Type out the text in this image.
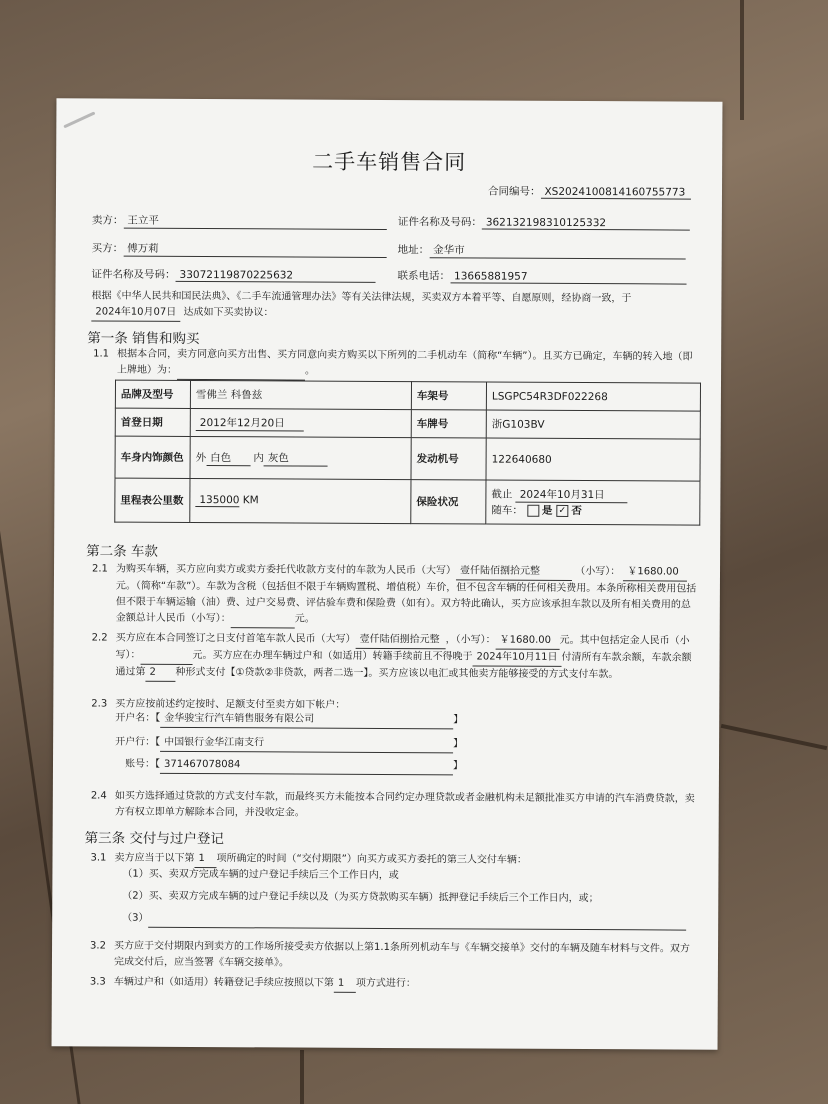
二手车销售合同
合同编号： XS2024100814160755773
卖方： 王立平	证件名称及号码： 362132198310125332
买方： 傅万莉	地址： 金华市
证件名称及号码： 33072119870225632	联系电话： 13665881957
根据《中华人民共和国民法典》、《二手车流通管理办法》等有关法律法规，买卖双方本着平等、自愿原则，经协商一致，于2024年10月07日 达成如下买卖协议：
第一条 销售和购买
1.1 根据本合同，卖方同意向买方出售、买方同意向卖方购买以下所列的二手机动车（简称“车辆”）。且买方已确定，车辆的转入地（即上牌地）为：	。
品牌及型号	雪佛兰 科鲁兹	车架号	LSGPC54R3DF022268
首登日期	2012年12月20日	车牌号	浙G103BV
车身内饰颜色	外 白色 内 灰色	发动机号	122640680
里程表公里数	135000 KM	保险状况	截止 2024年10月31日
随车： 是 ✓ 否
第二条 车款
2.1 为购买车辆，买方应向卖方或卖方委托代收款方支付的车款为人民币（大写） 壹仟陆佰捌拾元整	（小写）： ￥1680.00元。（简称“车款”）。车款为含税（包括但不限于车辆购置税、增值税）车价，但不包含车辆的任何相关费用。本条所称相关费用包括但不限于车辆运输（油）费、过户交易费、评估验车费和保险费（如有）。双方特此确认，买方应该承担车款以及所有相关费用的总金额总计人民币（小写）：	元。
2.2 买方应在本合同签订之日支付首笔车款人民币（大写） 壹仟陆佰捌拾元整 ，（小写）： ￥1680.00 元。其中包括定金人民币（小写）：	元。买方应在办理车辆过户和（如适用）转籍手续前且不得晚于 2024年10月11日 付清所有车款余额，车款余额通过第 2 种形式支付【①贷款②非贷款，两者二选一】。买方应该以电汇或其他卖方能够接受的方式支付车款。
2.3 买方应按前述约定按时、足额支付至卖方如下帐户：
开户名：【 金华骏宝行汽车销售服务有限公司	】
开户行：【 中国银行金华江南支行	】
账号：【 371467078084	】
2.4 如买方选择通过贷款的方式支付车款，而最终买方未能按本合同约定办理贷款或者金融机构未足额批准买方申请的汽车消费贷款，卖方有权立即单方解除本合同，并没收定金。
第三条 交付与过户登记
3.1 卖方应当于以下第 1 项所确定的时间（“交付期限”）向买方或买方委托的第三人交付车辆：
（1）买、卖双方完成车辆的过户登记手续后三个工作日内，或
（2）买、卖双方完成车辆的过户登记手续以及（为买方贷款购买车辆）抵押登记手续后三个工作日内，或；
（3）
3.2 买方应于交付期限内到卖方的工作场所接受卖方依据以上第1.1条所列机动车与《车辆交接单》交付的车辆及随车材料与文件。双方完成交付后，应当签署《车辆交接单》。
3.3 车辆过户和（如适用）转籍登记手续应按照以下第 1 项方式进行：
